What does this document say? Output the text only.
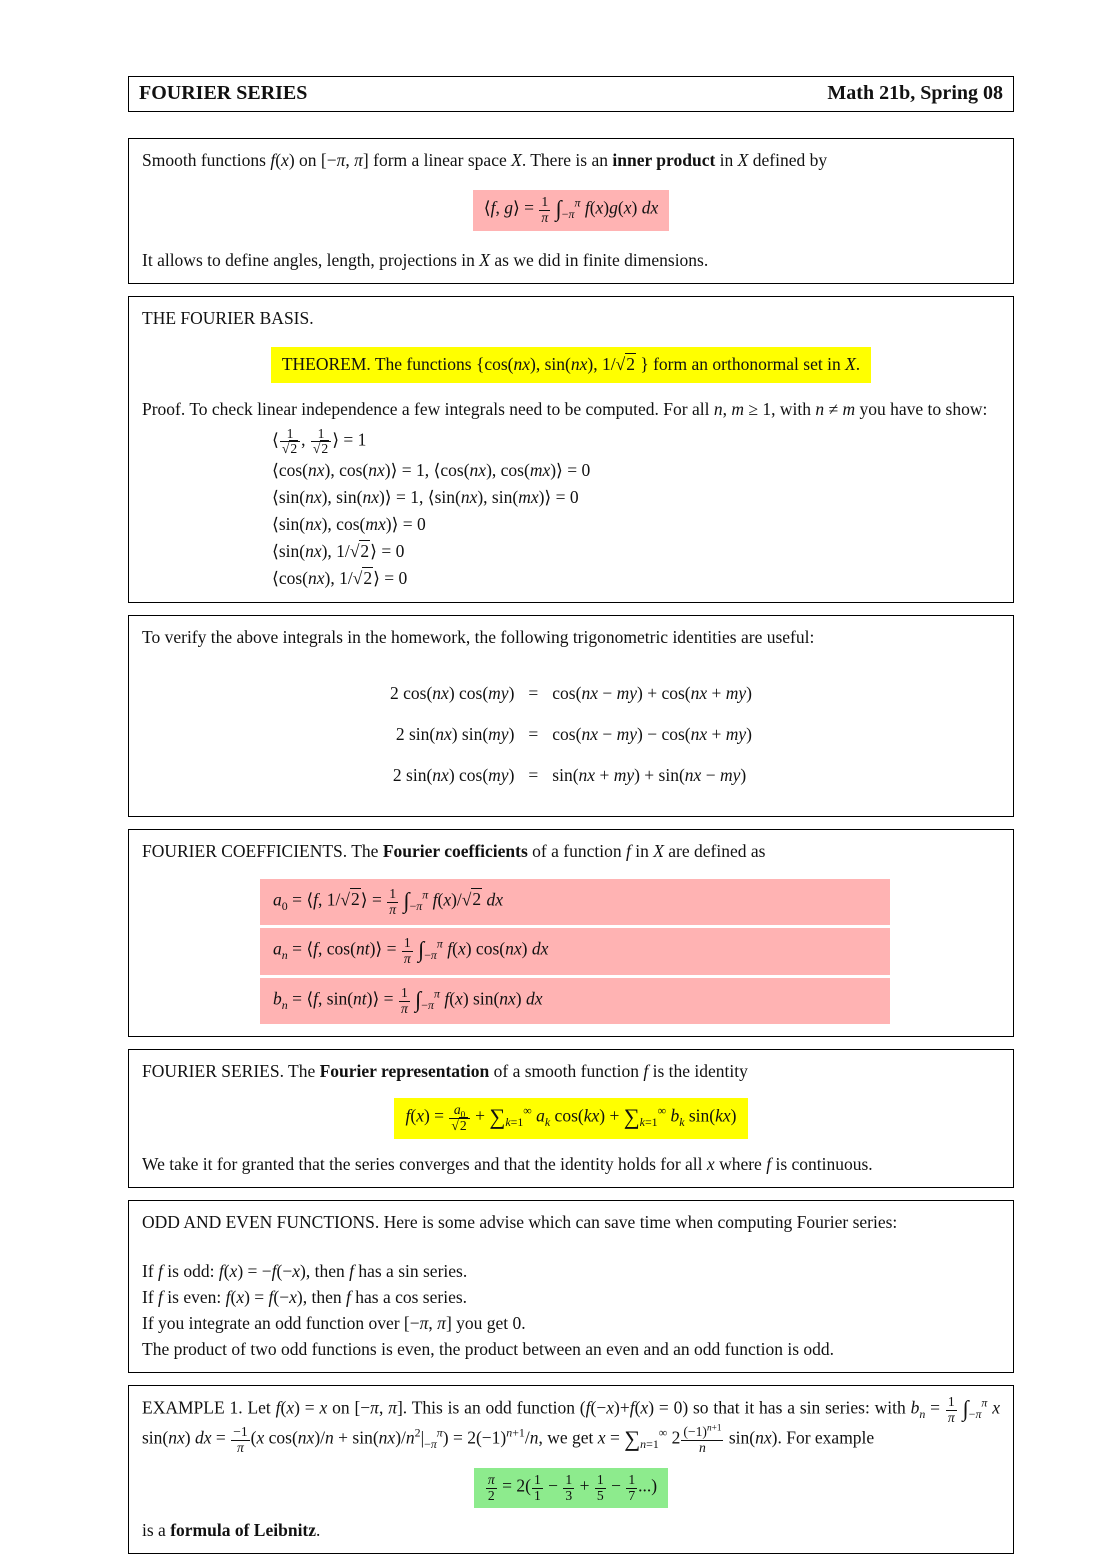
FOURIER SERIES	Math 21b, Spring 08
Smooth functions f(x) on [−π, π] form a linear space X. There is an inner product in X defined by
⟨f, g⟩ = $\frac{1}{\pi} \int_{-\pi}^\pi$ f(x)g(x) dx
It allows to define angles, length, projections in X as we did in finite dimensions.
THE FOURIER BASIS.
THEOREM. The functions {cos(nx), sin(nx), 1/√2 } form an orthonormal set in X.
Proof. To check linear independence a few integrals need to be computed. For all n, m ≥ 1, with n ≠ m you have to show:
⟨ $\frac{1}{√2}$ , $\frac{1}{√2}$ ⟩ = 1
⟨cos(nx), cos(nx)⟩ = 1, ⟨cos(nx), cos(mx)⟩ = 0
⟨sin(nx), sin(nx)⟩ = 1, ⟨sin(nx), sin(mx)⟩ = 0
⟨sin(nx), cos(mx)⟩ = 0
⟨sin(nx), 1/√2⟩ = 0
⟨cos(nx), 1/√2⟩ = 0
To verify the above integrals in the homework, the following trigonometric identities are useful:
2 cos(nx) cos(my) = cos(nx − my) + cos(nx + my)
2 sin(nx) sin(my) = cos(nx − my) − cos(nx + my)
2 sin(nx) cos(my) = sin(nx + my) + sin(nx − my)
FOURIER COEFFICIENTS. The Fourier coefficients of a function f in X are defined as
$a_0$ = ⟨f, 1/√2⟩ = $\frac{1}{\pi} \int_{-\pi}^\pi$ f(x)/√2 dx
$a_n$ = ⟨f, cos(nt)⟩ = $\frac{1}{\pi} \int_{-\pi}^\pi$ f(x) cos(nx) dx
$b_n$ = ⟨f, sin(nt)⟩ = $\frac{1}{\pi} \int_{-\pi}^\pi$ f(x) sin(nx) dx
FOURIER SERIES. The Fourier representation of a smooth function f is the identity
$f(x) = \frac{a_0}{√2} + \sum_{k=1}^\infty$ $a_k$ $\cos(kx) + \sum_{k=1}^\infty$ $b_k$ sin(kx)
We take it for granted that the series converges and that the identity holds for all x where f is continuous.
ODD AND EVEN FUNCTIONS. Here is some advise which can save time when computing Fourier series:
If f is odd: f(x) = −f(−x), then f has a sin series.
If f is even: f(x) = f(−x), then f has a cos series.
If you integrate an odd function over [−π, π] you get 0.
The product of two odd functions is even, the product between an even and an odd function is odd.
EXAMPLE 1. Let f(x) = x on [−π, π]. This is an odd function (f(−x)+f(x) = 0) so that it has a sin series: with $b_n = \frac{1}{\pi} \int_{-\pi}^\pi$ x sin(nx) dx = $\frac{-1}{\pi} (x$ $\cos(nx)/n + \sin(nx)/n^2|_{-\pi}^\pi) = 2(-1)^{n+1}/n$, we get $x = \sum_{n=1}^\infty$ $2 \frac{(-1)^{n+1}}{n} \sin(nx)$. For example
$\frac{\pi}{2} = 2( \frac{1}{1} - \frac{1}{3} + \frac{1}{5} - \frac{1}{7}$ ...)
is a formula of Leibnitz.
